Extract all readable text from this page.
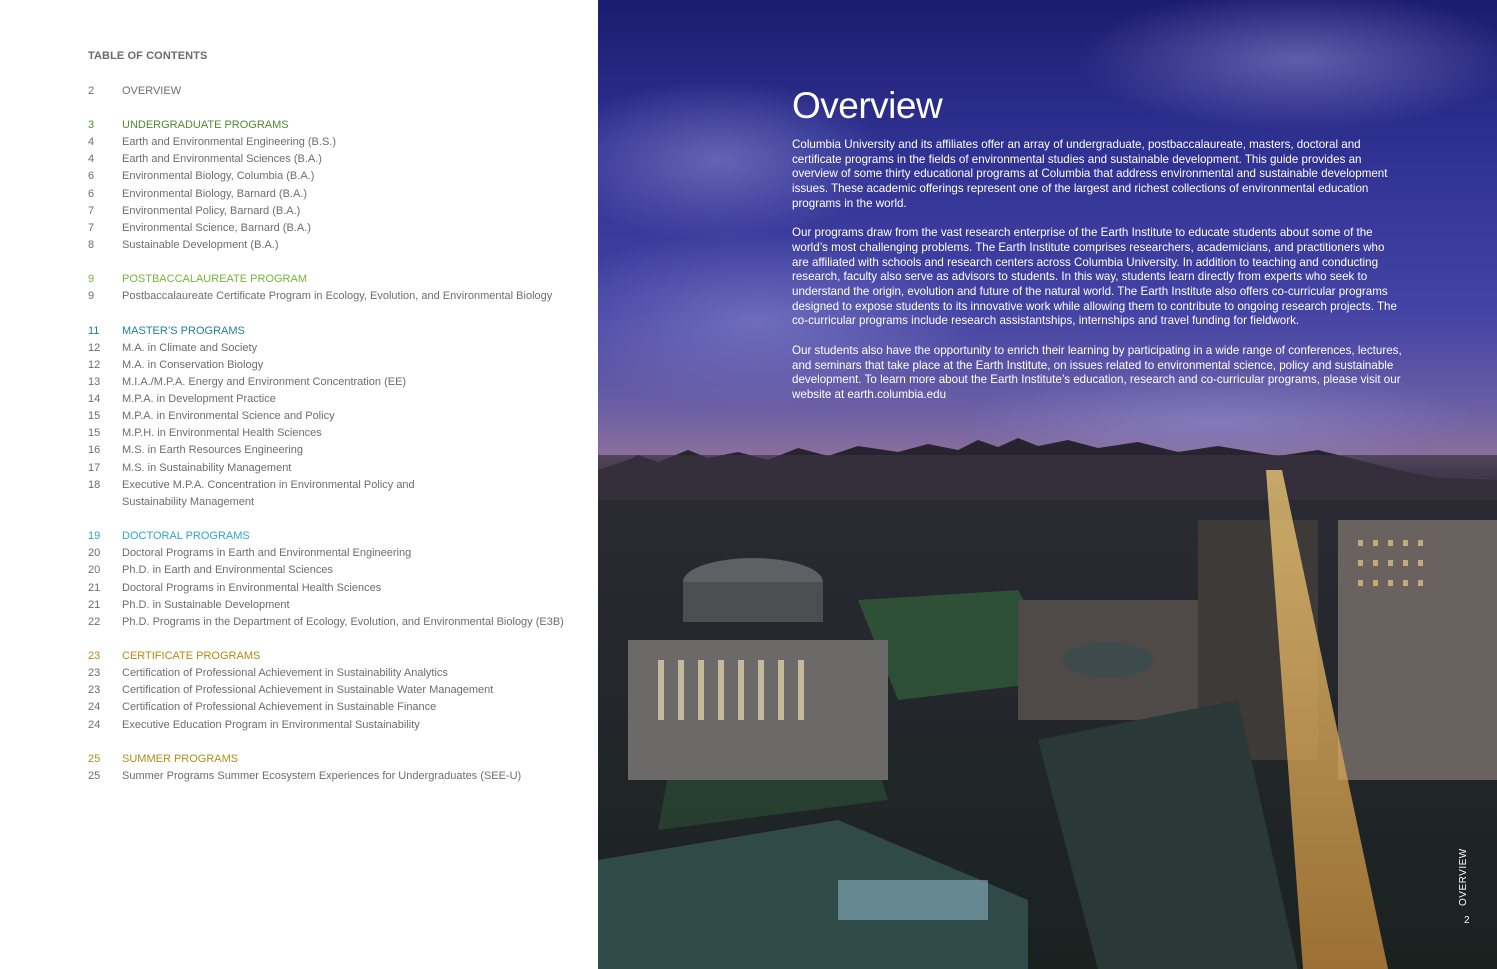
TABLE OF CONTENTS
2	OVERVIEW
3	UNDERGRADUATE PROGRAMS
4	Earth and Environmental Engineering (B.S.)
4	Earth and Environmental Sciences (B.A.)
6	Environmental Biology, Columbia (B.A.)
6	Environmental Biology, Barnard (B.A.)
7	Environmental Policy, Barnard (B.A.)
7	Environmental Science, Barnard (B.A.)
8	Sustainable Development (B.A.)
9	POSTBACCALAUREATE PROGRAM
9	Postbaccalaureate Certificate Program in Ecology, Evolution, and Environmental Biology
11	MASTER’S PROGRAMS
12	M.A. in Climate and Society
12	M.A. in Conservation Biology
13	M.I.A./M.P.A. Energy and Environment Concentration (EE)
14	M.P.A. in Development Practice
15	M.P.A. in Environmental Science and Policy
15	M.P.H. in Environmental Health Sciences
16	M.S. in Earth Resources Engineering
17	M.S. in Sustainability Management
18	Executive M.P.A. Concentration in Environmental Policy and
Sustainability Management
19	DOCTORAL PROGRAMS
20	Doctoral Programs in Earth and Environmental Engineering
20	Ph.D. in Earth and Environmental Sciences
21	Doctoral Programs in Environmental Health Sciences
21	Ph.D. in Sustainable Development
22	Ph.D. Programs in the Department of Ecology, Evolution, and Environmental Biology (E3B)
23	CERTIFICATE PROGRAMS
23	Certification of Professional Achievement in Sustainability Analytics
23	Certification of Professional Achievement in Sustainable Water Management
24	Certification of Professional Achievement in Sustainable Finance
24	Executive Education Program in Environmental Sustainability
25	SUMMER PROGRAMS
25	Summer Programs Summer Ecosystem Experiences for Undergraduates (SEE-U)
Overview

Columbia University and its affiliates offer an array of undergraduate, postbaccalaureate, masters, doctoral and certificate programs in the fields of environmental studies and sustainable development. This guide provides an overview of some thirty educational programs at Columbia that address environmental and sustainable development issues. These academic offerings represent one of the largest and richest collections of environmental education programs in the world.

Our programs draw from the vast research enterprise of the Earth Institute to educate students about some of the world’s most challenging problems. The Earth Institute comprises researchers, academicians, and practitioners who are affiliated with schools and research centers across Columbia University. In addition to teaching and conducting research, faculty also serve as advisors to students. In this way, students learn directly from experts who seek to understand the origin, evolution and future of the natural world. The Earth Institute also offers co-curricular programs designed to expose students to its innovative work while allowing them to contribute to ongoing research projects. The co-curricular programs include research assistantships, internships and travel funding for fieldwork.

Our students also have the opportunity to enrich their learning by participating in a wide range of conferences, lectures, and seminars that take place at the Earth Institute, on issues related to environmental science, policy and sustainable development. To learn more about the Earth Institute’s education, research and co-curricular programs, please visit our website at earth.columbia.edu

OVERVIEW
2
